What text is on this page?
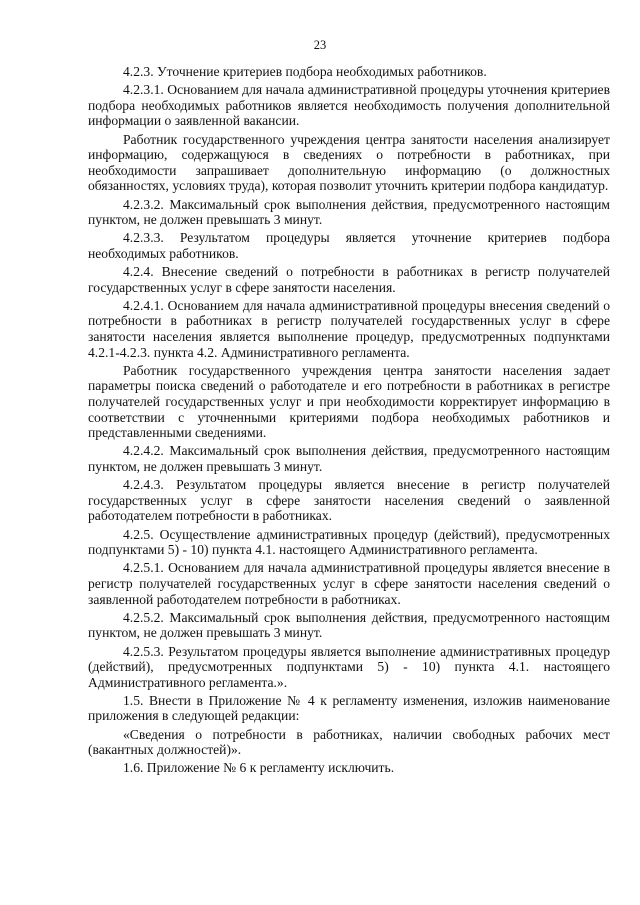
23

4.2.3. Уточнение критериев подбора необходимых работников.

4.2.3.1. Основанием для начала административной процедуры уточнения критериев подбора необходимых работников является необходимость получения дополнительной информации о заявленной вакансии.

Работник государственного учреждения центра занятости населения анализирует информацию, содержащуюся в сведениях о потребности в работниках, при необходимости запрашивает дополнительную информацию (о должностных обязанностях, условиях труда), которая позволит уточнить критерии подбора кандидатур.

4.2.3.2. Максимальный срок выполнения действия, предусмотренного настоящим пунктом, не должен превышать 3 минут.

4.2.3.3. Результатом процедуры является уточнение критериев подбора необходимых работников.

4.2.4. Внесение сведений о потребности в работниках в регистр получателей государственных услуг в сфере занятости населения.

4.2.4.1. Основанием для начала административной процедуры внесения сведений о потребности в работниках в регистр получателей государственных услуг в сфере занятости населения является выполнение процедур, предусмотренных подпунктами 4.2.1-4.2.3. пункта 4.2. Административного регламента.

Работник государственного учреждения центра занятости населения задает параметры поиска сведений о работодателе и его потребности в работниках в регистре получателей государственных услуг и при необходимости корректирует информацию в соответствии с уточненными критериями подбора необходимых работников и представленными сведениями.

4.2.4.2. Максимальный срок выполнения действия, предусмотренного настоящим пунктом, не должен превышать 3 минут.

4.2.4.3. Результатом процедуры является внесение в регистр получателей государственных услуг в сфере занятости населения сведений о заявленной работодателем потребности в работниках.

4.2.5. Осуществление административных процедур (действий), предусмотренных подпунктами 5) - 10) пункта 4.1. настоящего Административного регламента.

4.2.5.1. Основанием для начала административной процедуры является внесение в регистр получателей государственных услуг в сфере занятости населения сведений о заявленной работодателем потребности в работниках.

4.2.5.2. Максимальный срок выполнения действия, предусмотренного настоящим пунктом, не должен превышать 3 минут.

4.2.5.3. Результатом процедуры является выполнение административных процедур (действий), предусмотренных подпунктами 5) - 10) пункта 4.1. настоящего Административного регламента.».

1.5. Внести в Приложение № 4 к регламенту изменения, изложив наименование приложения в следующей редакции:

«Сведения о потребности в работниках, наличии свободных рабочих мест (вакантных должностей)».

1.6. Приложение № 6 к регламенту исключить.
